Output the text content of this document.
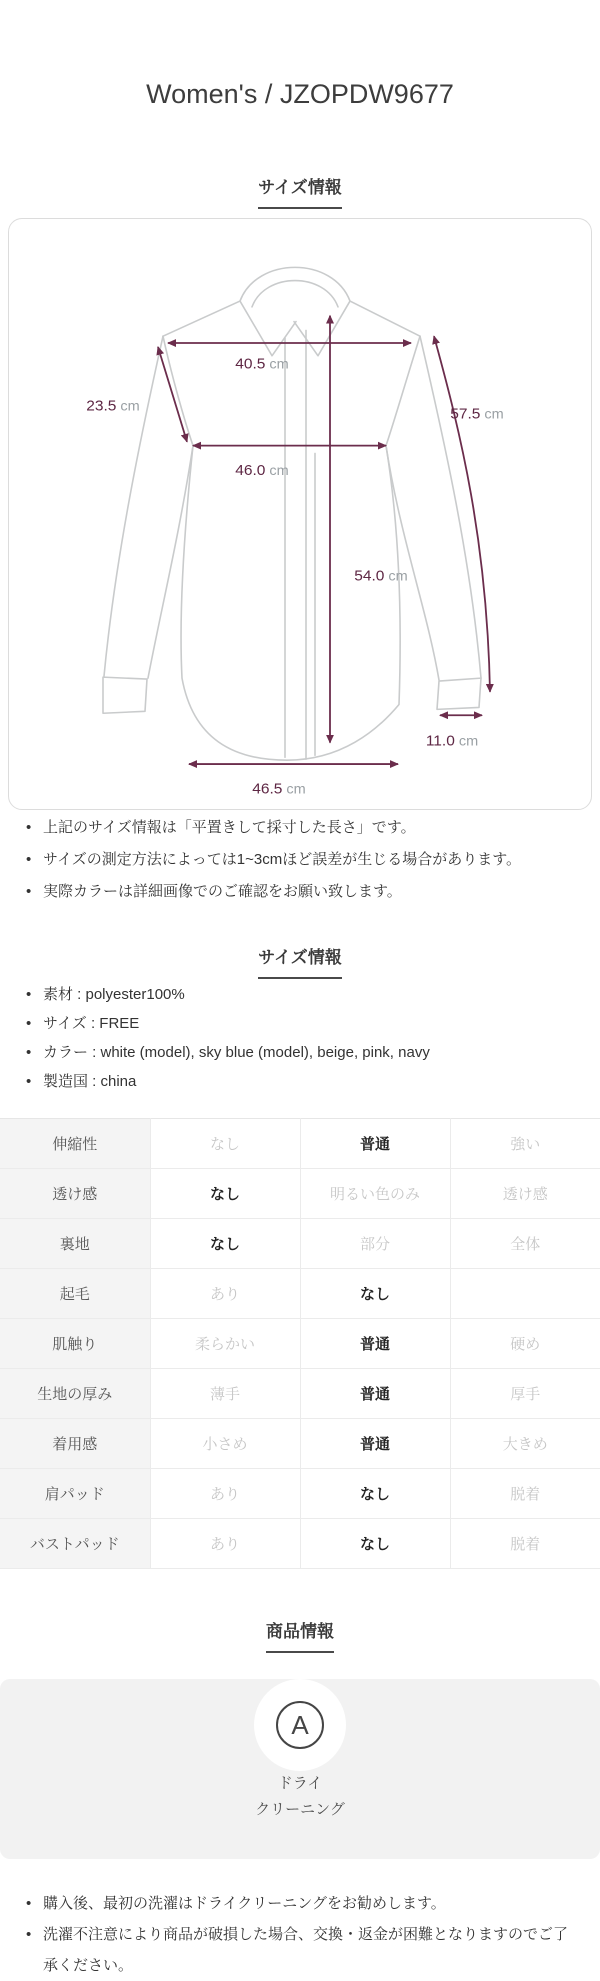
Women's / JZOPDW9677
サイズ情報
40.5 cm
23.5 cm
46.0 cm
57.5 cm
54.0 cm
11.0 cm
46.5 cm
• 上記のサイズ情報は「平置きして採寸した長さ」です。
• サイズの測定方法によっては1~3cmほど誤差が生じる場合があります。
• 実際カラーは詳細画像でのご確認をお願い致します。
サイズ情報
• 素材 : polyester100%
• サイズ : FREE
• カラー : white (model), sky blue (model), beige, pink, navy
• 製造国 : china
伸縮性	なし	普通	強い
透け感	なし	明るい色のみ	透け感
裏地	なし	部分	全体
起毛	あり	なし	
肌触り	柔らかい	普通	硬め
生地の厚み	薄手	普通	厚手
着用感	小さめ	普通	大きめ
肩パッド	あり	なし	脱着
バストパッド	あり	なし	脱着
商品情報
A
ドライ
クリーニング
• 購入後、最初の洗濯はドライクリーニングをお勧めします。
• 洗濯不注意により商品が破損した場合、交換・返金が困難となりますのでご了承ください。
